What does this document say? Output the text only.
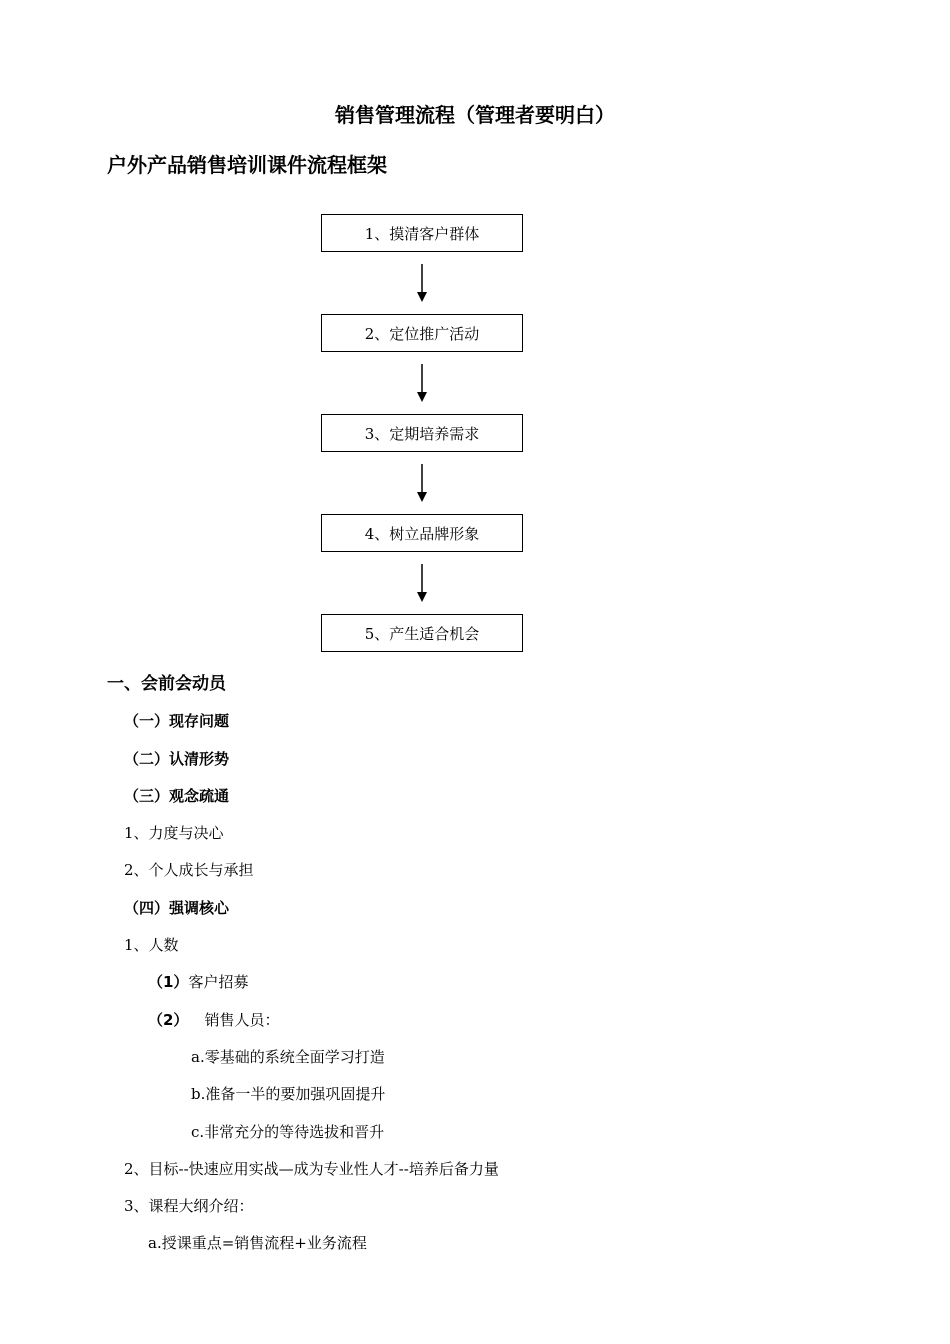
销售管理流程（管理者要明白）
户外产品销售培训课件流程框架
1、摸清客户群体
2、定位推广活动
3、定期培养需求
4、树立品牌形象
5、产生适合机会
一、会前会动员
（一）现存问题
（二）认清形势
（三）观念疏通
1、力度与决心
2、个人成长与承担
（四）强调核心
1、人数
（1）客户招募
（2） 销售人员：
a.零基础的系统全面学习打造
b.准备一半的要加强巩固提升
c.非常充分的等待选拔和晋升
2、目标--快速应用实战—成为专业性人才--培养后备力量
3、课程大纲介绍：
a.授课重点=销售流程+业务流程
